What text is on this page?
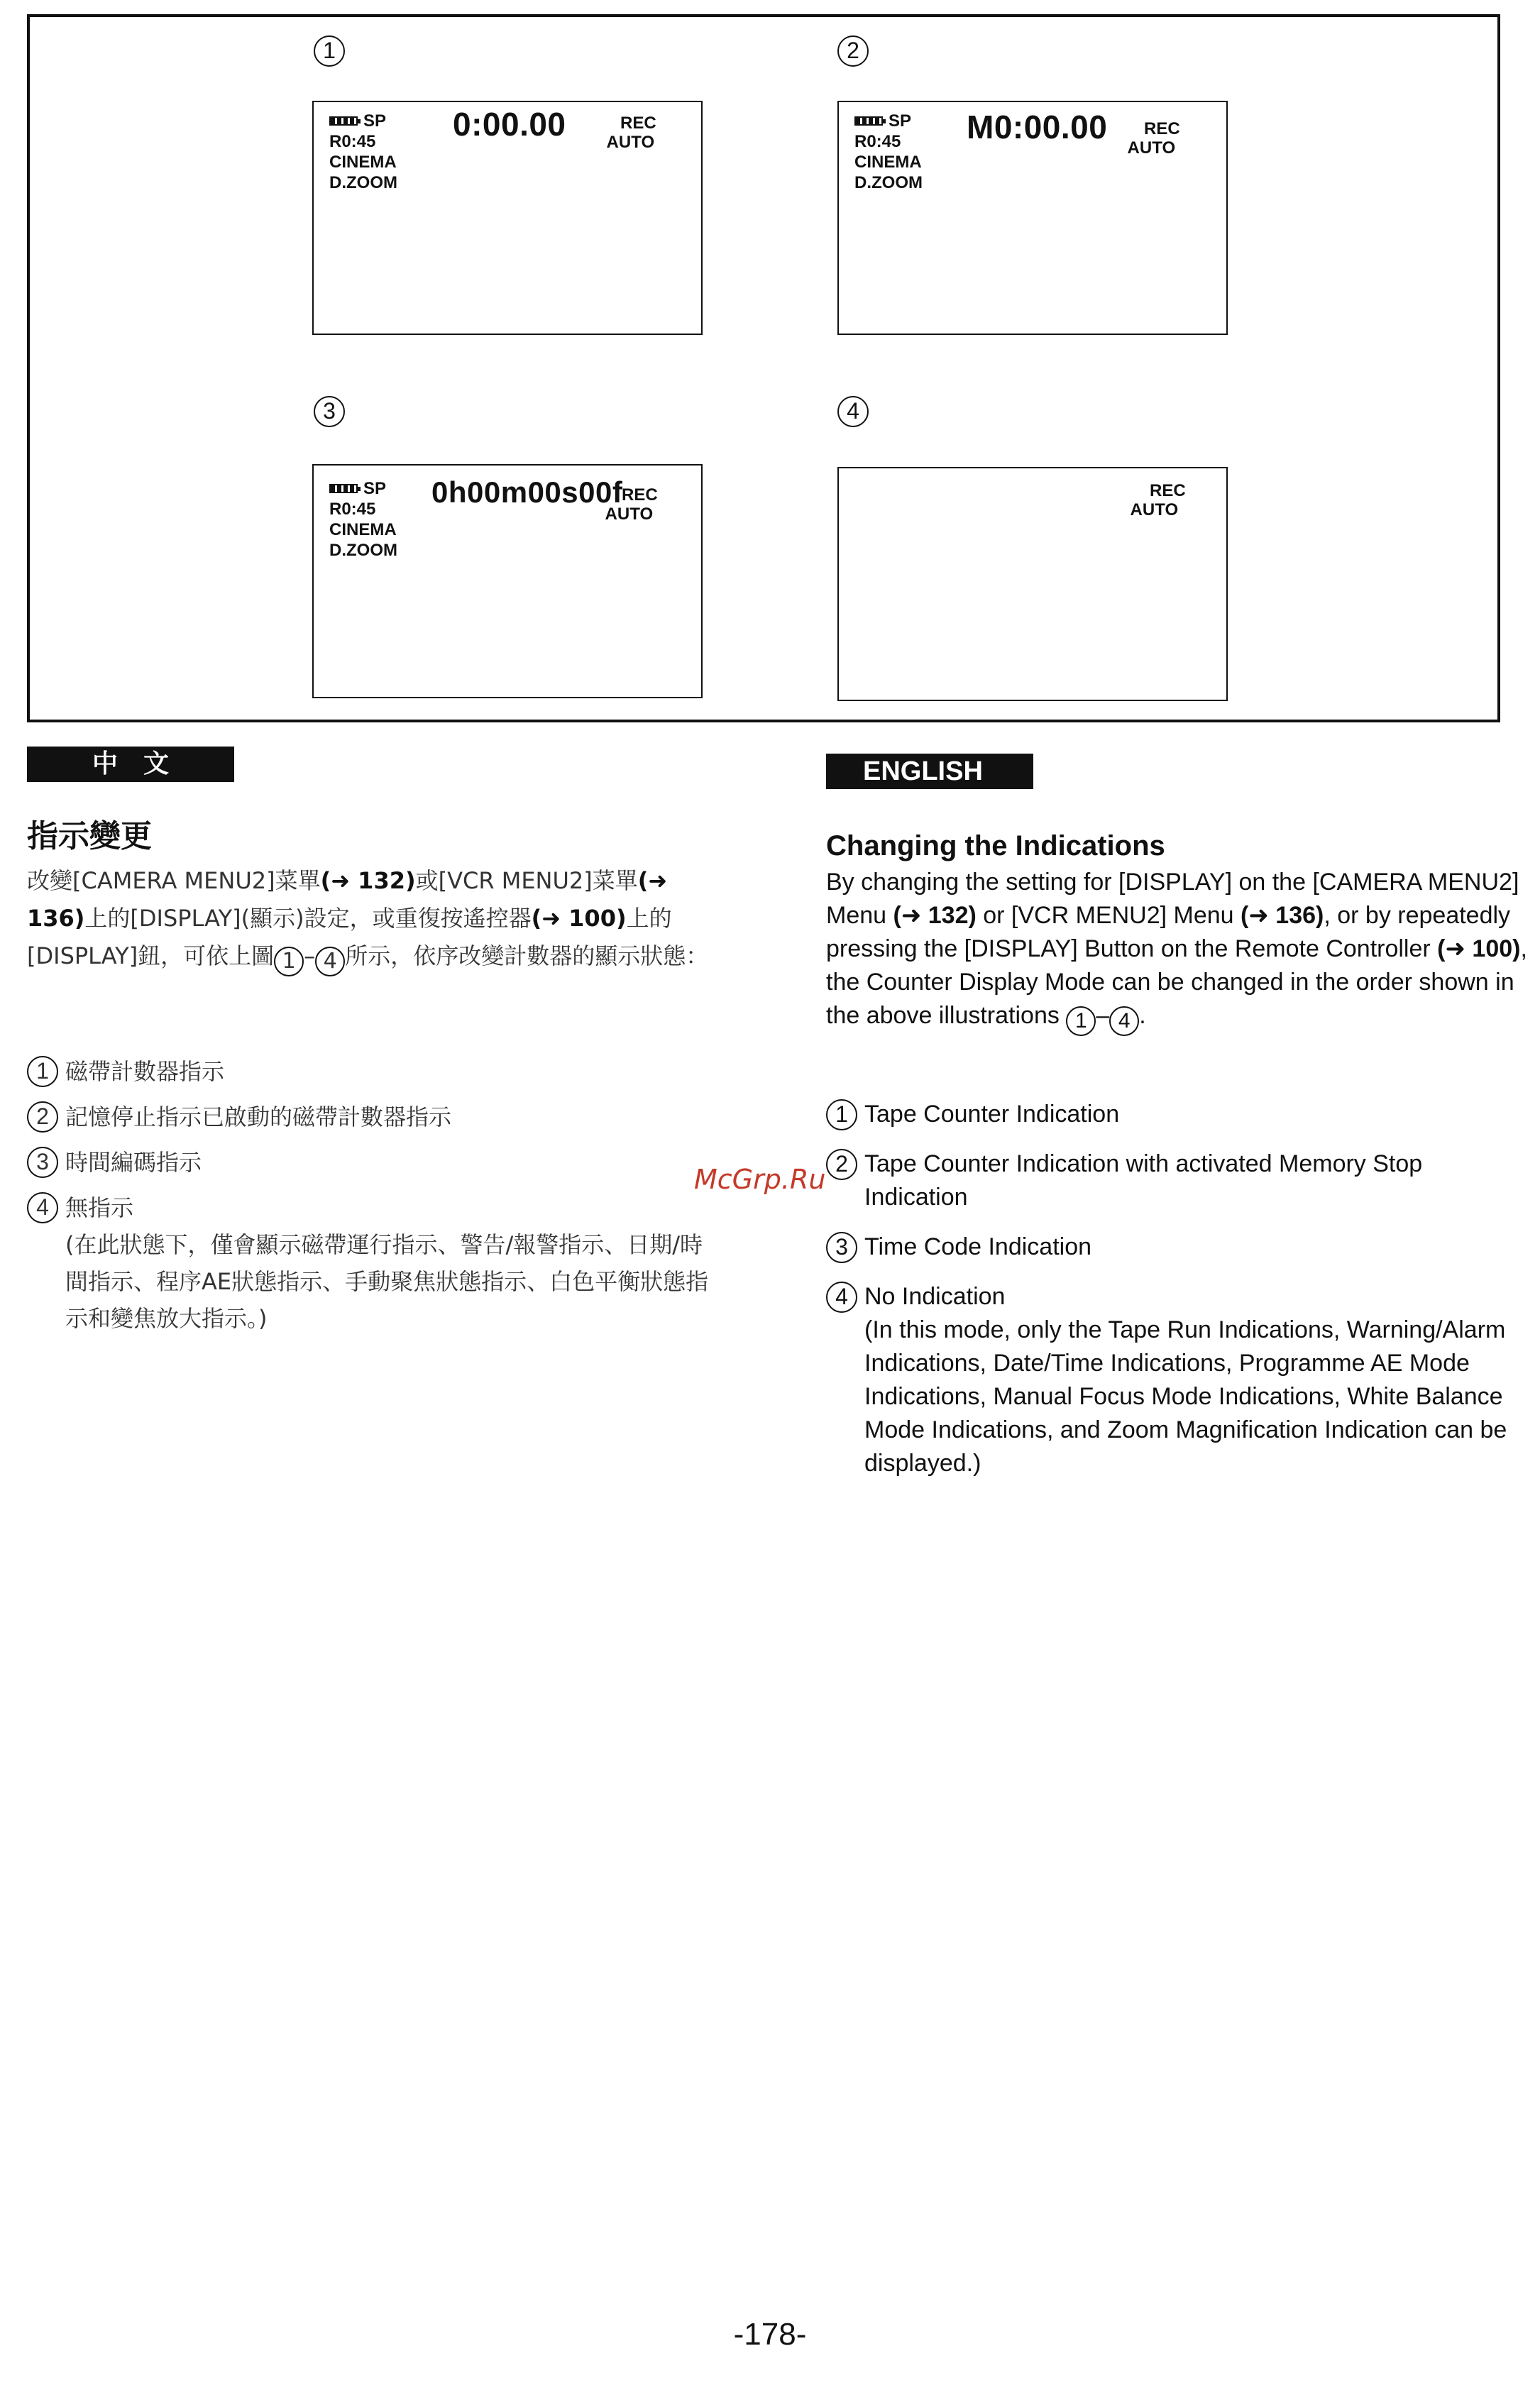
1
SP
R0:45
CINEMA
D.ZOOM
0:00.00	REC
AUTO
2
SP
R0:45
CINEMA
D.ZOOM
M0:00.00	REC
AUTO
3
SP
R0:45
CINEMA
D.ZOOM
0h00m00s00f
REC
AUTO
4
REC
AUTO
中　文
指示變更
改變[CAMERA MENU2]菜單(➜ 132)或[VCR MENU2]菜單(➜ 136)上的[DISPLAY](顯示)設定，或重復按遙控器(➜ 100)上的[DISPLAY]鈕，可依上圖 1 – 4 所示，依序改變計數器的顯示狀態：
1 磁帶計數器指示
2 記憶停止指示已啟動的磁帶計數器指示
3 時間編碼指示
4 無指示
(在此狀態下，僅會顯示磁帶運行指示、警告/報警指示、日期/時間指示、程序AE狀態指示、手動聚焦狀態指示、白色平衡狀態指示和變焦放大指示。)
ENGLISH
Changing the Indications
By changing the setting for [DISPLAY] on the [CAMERA MENU2] Menu (➜ 132) or [VCR MENU2] Menu (➜ 136), or by repeatedly pressing the [DISPLAY] Button on the Remote Controller (➜ 100), the Counter Display Mode can be changed in the order shown in the above illustrations 1 – 4 .
1 Tape Counter Indication
2 Tape Counter Indication with activated Memory Stop Indication
3 Time Code Indication
4 No Indication
(In this mode, only the Tape Run Indications, Warning/Alarm Indications, Date/Time Indications, Programme AE Mode Indications, Manual Focus Mode Indications, White Balance Mode Indications, and Zoom Magnification Indication can be displayed.)
McGrp.Ru
-178-
